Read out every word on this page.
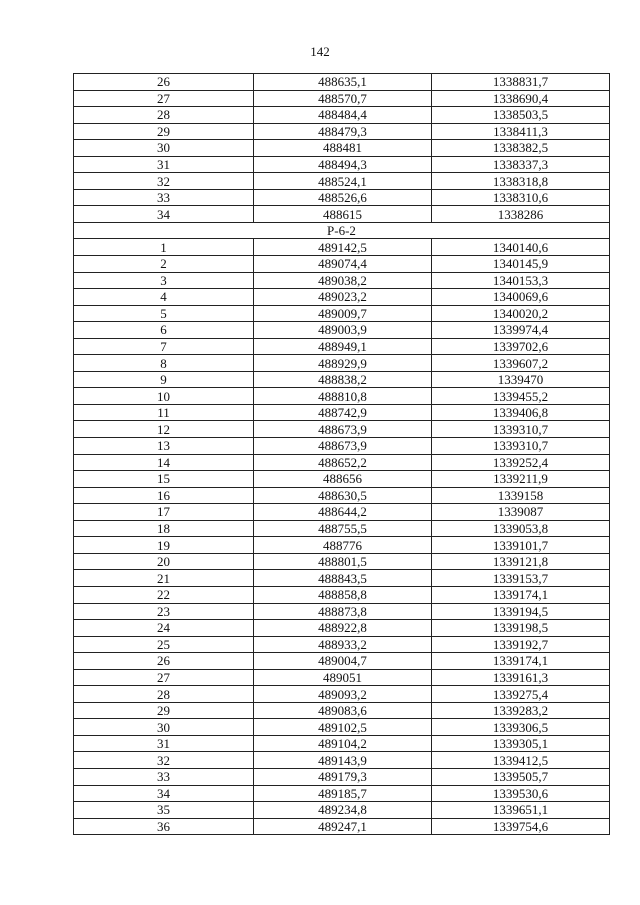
142
26	488635,1	1338831,7
27	488570,7	1338690,4
28	488484,4	1338503,5
29	488479,3	1338411,3
30	488481	1338382,5
31	488494,3	1338337,3
32	488524,1	1338318,8
33	488526,6	1338310,6
34	488615	1338286
Р-6-2		
1	489142,5	1340140,6
2	489074,4	1340145,9
3	489038,2	1340153,3
4	489023,2	1340069,6
5	489009,7	1340020,2
6	489003,9	1339974,4
7	488949,1	1339702,6
8	488929,9	1339607,2
9	488838,2	1339470
10	488810,8	1339455,2
11	488742,9	1339406,8
12	488673,9	1339310,7
13	488673,9	1339310,7
14	488652,2	1339252,4
15	488656	1339211,9
16	488630,5	1339158
17	488644,2	1339087
18	488755,5	1339053,8
19	488776	1339101,7
20	488801,5	1339121,8
21	488843,5	1339153,7
22	488858,8	1339174,1
23	488873,8	1339194,5
24	488922,8	1339198,5
25	488933,2	1339192,7
26	489004,7	1339174,1
27	489051	1339161,3
28	489093,2	1339275,4
29	489083,6	1339283,2
30	489102,5	1339306,5
31	489104,2	1339305,1
32	489143,9	1339412,5
33	489179,3	1339505,7
34	489185,7	1339530,6
35	489234,8	1339651,1
36	489247,1	1339754,6
